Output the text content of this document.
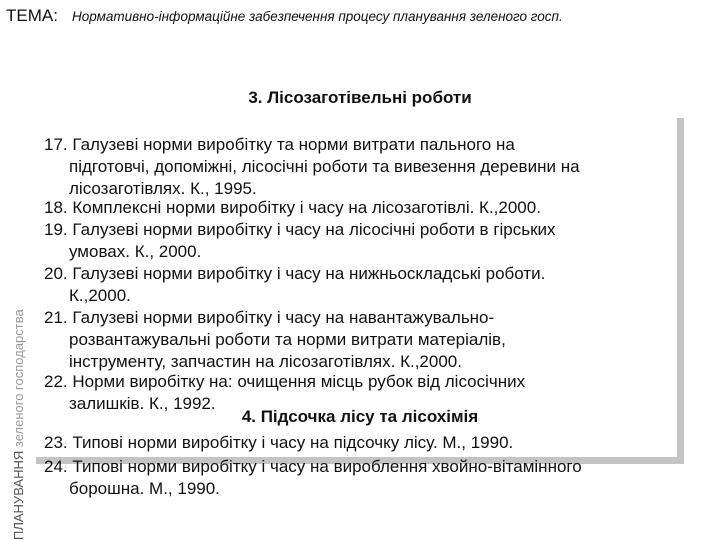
ТЕМА: Нормативно-інформаційне забезпечення процесу планування зеленого госп.
ПЛАНУВАННЯ зеленого господарства
3. Лісозаготівельні роботи
17. Галузеві норми виробітку та норми витрати пального на
підготовчі, допоміжні, лісосічні роботи та вивезення деревини на
лісозаготівлях. К., 1995.
18. Комплексні норми виробітку і часу на лісозаготівлі. К.,2000.
19. Галузеві норми виробітку і часу на лісосічні роботи в гірських
умовах. К., 2000.
20. Галузеві норми виробітку і часу на нижньоскладські роботи.
К.,2000.
21. Галузеві норми виробітку і часу на навантажувально-
розвантажувальні роботи та норми витрати матеріалів,
інструменту, запчастин на лісозаготівлях. К.,2000.
22. Норми виробітку на: очищення місць рубок від лісосічних
залишків. К., 1992.
4. Підсочка лісу та лісохімія
23. Типові норми виробітку і часу на підсочку лісу. М., 1990.
24. Типові норми виробітку і часу на вироблення хвойно-вітамінного
борошна. М., 1990.
